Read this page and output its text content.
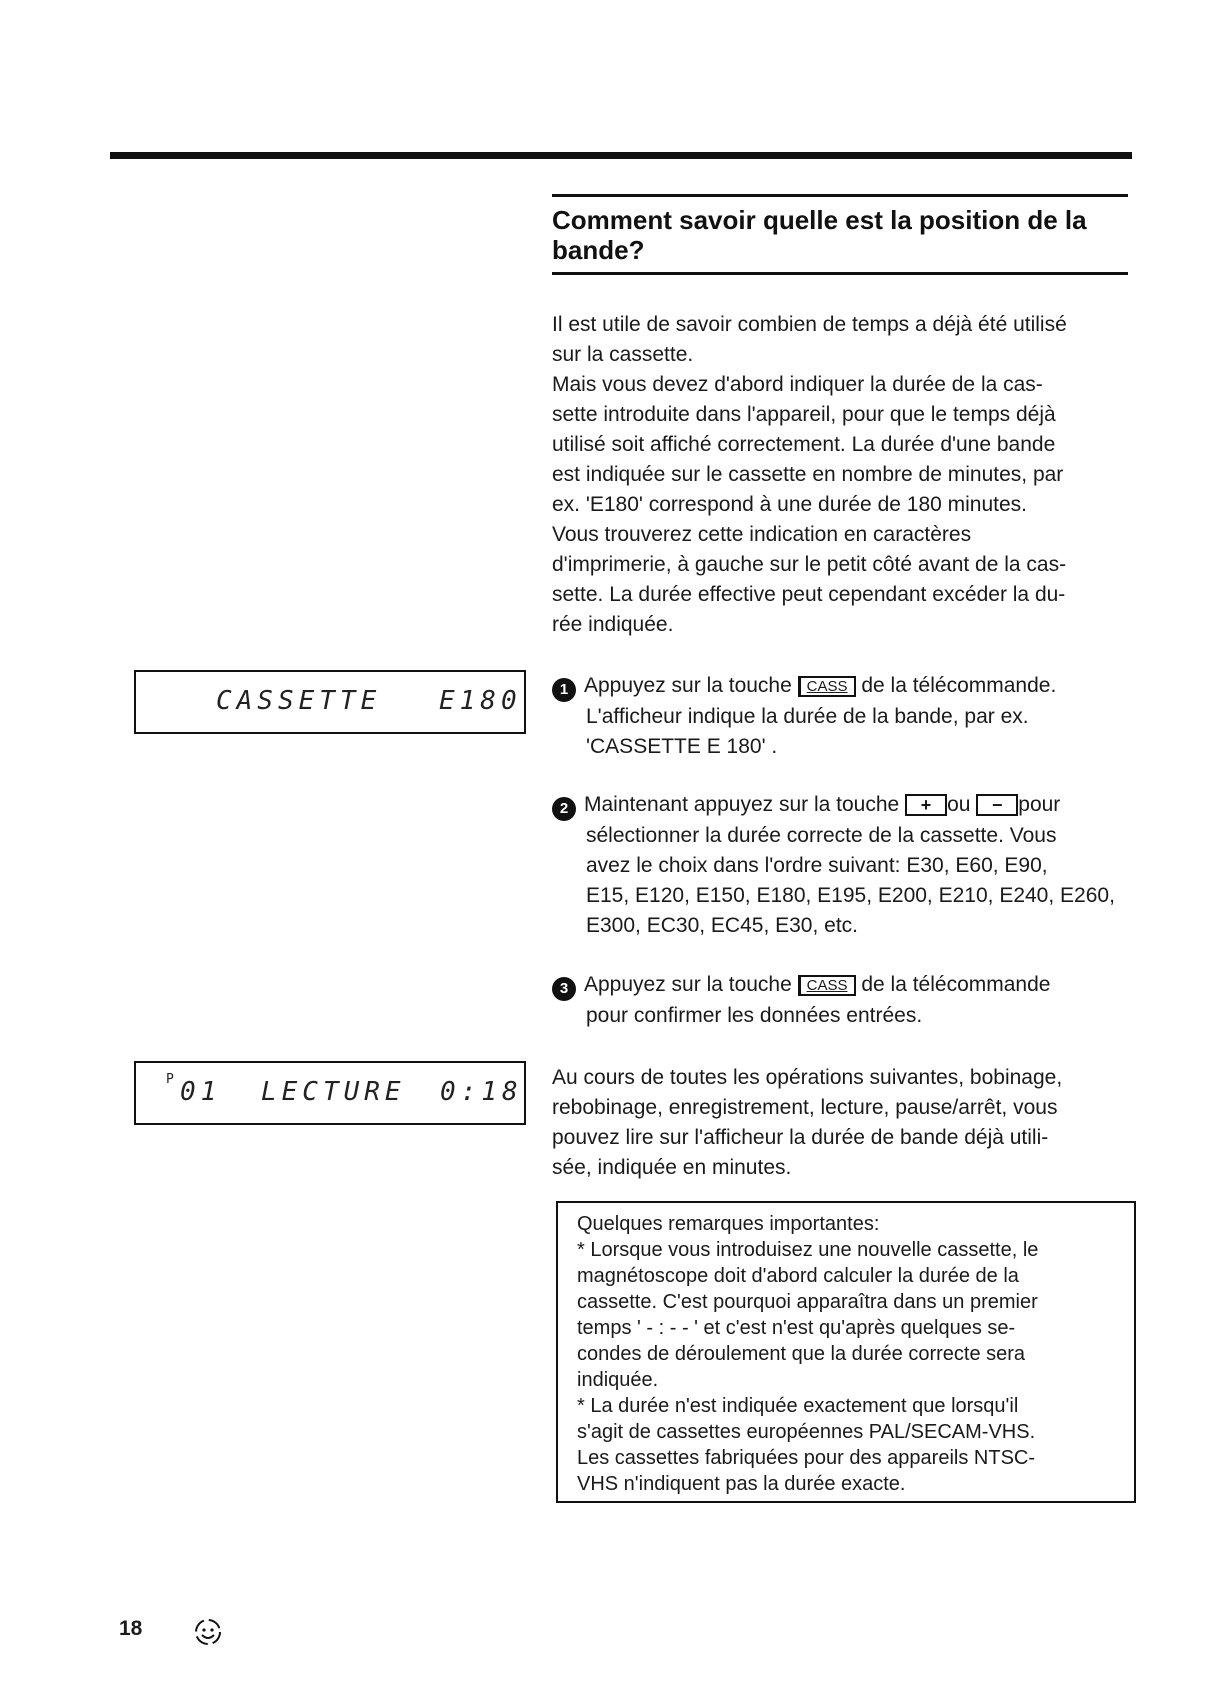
Comment savoir quelle est la position de la
bande?

Il est utile de savoir combien de temps a déjà été utilisé

sur la cassette.

Mais vous devez d'abord indiquer la durée de la cas-

sette introduite dans l'appareil, pour que le temps déjà

utilisé soit affiché correctement. La durée d'une bande

est indiquée sur le cassette en nombre de minutes, par

ex. 'E180' correspond à une durée de 180 minutes.

Vous trouverez cette indication en caractères

d'imprimerie, à gauche sur le petit côté avant de la cas-

sette. La durée effective peut cependant excéder la du-

rée indiquée.

CASSETTE E180	1 Appuyez sur la touche CASS de la télécommande.
L'afficheur indique la durée de la bande, par ex.
'CASSETTE E 180' .
2 Maintenant appuyez sur la touche + ou − pour
sélectionner la durée correcte de la cassette. Vous
avez le choix dans l'ordre suivant: E30, E60, E90,
E15, E120, E150, E180, E195, E200, E210, E240, E260,
E300, EC30, EC45, E30, etc.
3 Appuyez sur la touche CASS de la télécommande
pour confirmer les données entrées.
P 01 LECTURE 0:18 Au cours de toutes les opérations suivantes, bobinage,

rebobinage, enregistrement, lecture, pause/arrêt, vous

pouvez lire sur l'afficheur la durée de bande déjà utili-

sée, indiquée en minutes.

Quelques remarques importantes:

* Lorsque vous introduisez une nouvelle cassette, le

magnétoscope doit d'abord calculer la durée de la

cassette. C'est pourquoi apparaîtra dans un premier

temps ' - : - - ' et c'est n'est qu'après quelques se-

condes de déroulement que la durée correcte sera

indiquée.

* La durée n'est indiquée exactement que lorsqu'il

s'agit de cassettes européennes PAL/SECAM-VHS.

Les cassettes fabriquées pour des appareils NTSC-

VHS n'indiquent pas la durée exacte.

18
